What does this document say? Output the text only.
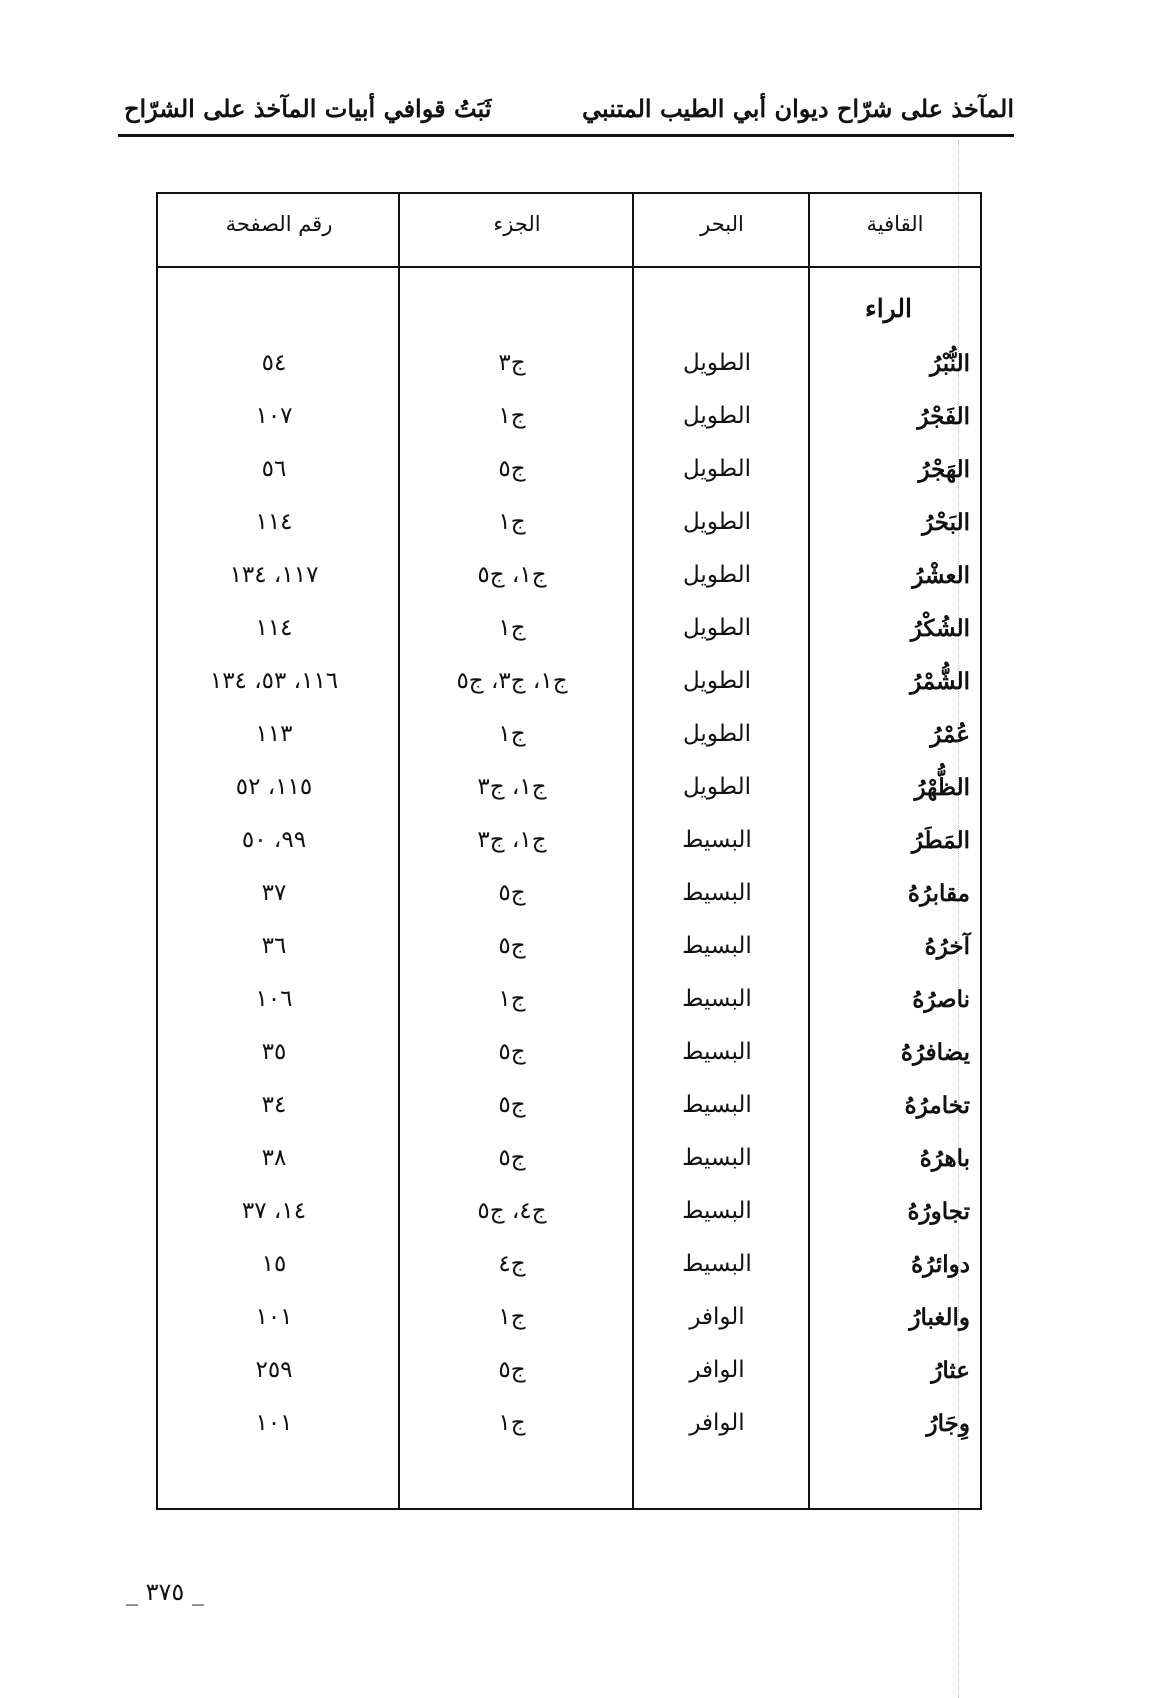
المآخذ على شرّاح ديوان أبي الطيب المتنبي
ثَبَتُ قوافي أبيات المآخذ على الشرّاح
القافية
البحر
الجزء
رقم الصفحة
الراء
النُّبْرُ
الطويل
ج٣
٥٤
الفَجْرُ
الطويل
ج١
١٠٧
الهَجْرُ
الطويل
ج٥
٥٦
البَحْرُ
الطويل
ج١
١١٤
العشْرُ
الطويل
ج١، ج٥
١١٧، ١٣٤
الشُكْرُ
الطويل
ج١
١١٤
الشُّمْرُ
الطويل
ج١، ج٣، ج٥
١١٦، ٥٣، ١٣٤
عُمْرُ
الطويل
ج١
١١٣
الظُّهْرُ
الطويل
ج١، ج٣
١١٥، ٥٢
المَطَرُ
البسيط
ج١، ج٣
٩٩، ٥٠
مقابرُهُ
البسيط
ج٥
٣٧
آخرُهُ
البسيط
ج٥
٣٦
ناصرُهُ
البسيط
ج١
١٠٦
يضافرُهُ
البسيط
ج٥
٣٥
تخامرُهُ
البسيط
ج٥
٣٤
باهرُهُ
البسيط
ج٥
٣٨
تجاورُهُ
البسيط
ج٤، ج٥
١٤، ٣٧
دوائرُهُ
البسيط
ج٤
١٥
والغبارُ
الوافر
ج١
١٠١
عثارُ
الوافر
ج٥
٢٥٩
وِجَارُ
الوافر
ج١
١٠١
_ ٣٧٥ _
